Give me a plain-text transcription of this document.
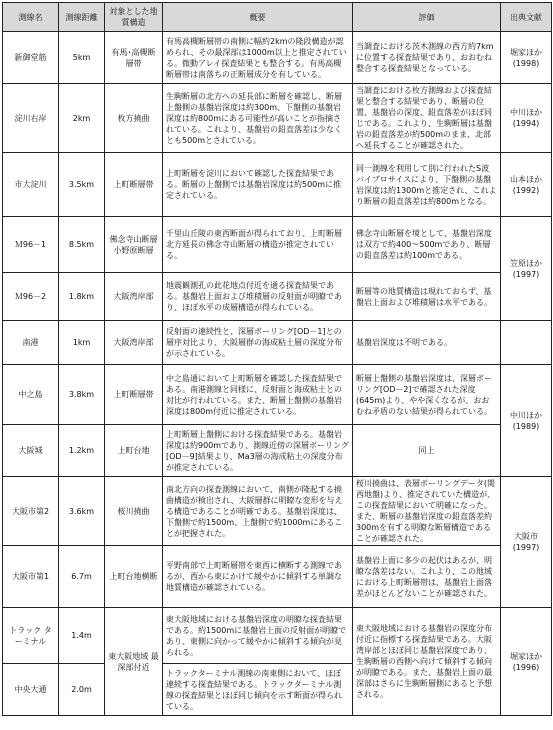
測線名	測線距離	対象とした地質構造	概要	評価	出典文献
新御堂筋	5km	有馬･高槻断層帯	有馬高槻断層帯の南側に幅約2kmの隆段構造が認められ、その最深部は1000m以上と推定されている。微動アレイ探査結果とも整合する。有馬高槻断層帯は南落ちの正断層成分を有している。	当調査における茨木測線の西方約7kmに位置する探査結果であり、おおむね整合する探査結果となっている。	堀家ほか (1998)
淀川右岸	2km	枚方撓曲	生駒断層の北方への延長部に断層を確認し、断層上盤側の基盤岩深度は約300m、下盤側の基盤岩深度は約800mにある可能性が高いことが指摘されている。これより、基盤岩の鉛直落差は少なくとも500mとされている。	当調査における枚方測線および探査結果と整合する結果であり、断層の位置、基盤岩の深度、鉛直落差がほぼ同じである。これより、生駒断層は基盤岩の鉛直落差が約500mのまま、北部へ延長することが確認された。	中川ほか (1994)
市大淀川	3.5km	上町断層帯	上町断層を淀川において確認した探査結果である。断層の上盤側では基盤岩深度は約500mに推定されている。	同一測線を利用して別に行われたS波バイブロサイスにより、下盤側の基盤岩深度は約1300mと推定され、これより断層の鉛直落差は約800mとなる。	山本ほか (1992)
Ｍ96－1	8.5km	佛念寺山断層 小野原断層	千里山丘陵の東西断面が得られており、上町断層北方延長の佛念寺山断層の構造が推定されている。	佛念寺山断層を境として、基盤岩深度は双方で約400～500mであり、断層の鉛直落差は約100mである。	笠原ほか (1997)
Ｍ96－2	1.8km	大阪湾岸部	地震観測孔の此花地点付近を通る探査結果である。基盤岩上面および堆積層の反射面が明瞭であり、ほぼ水平の成層構造が得られている。	断層等の地質構造は現れておらず、基盤岩上面および堆積層は水平である。	
南港	1km	大阪湾岸部	反射面の連続性と、深層ボーリング[OD－1]との層序対比より、大阪層群の海成粘土層の深度分布が示されている。	基盤岩深度は不明である。	
中之島	3.8km	上町断層帯	中之島通において上町断層を確認した探査結果である。南港測線と同様に、反射面と海成粘土との対比が行われている。また、断層上盤側の基盤岩深度は800m付近に推定されている。	断層上盤側の基盤岩深度は、深層ボーリング[OD－2]で確認された深度(645m)より、やや深くなるが、おおむね矛盾のない結果が得られている。	中川ほか (1989)
大阪城	1.2km	上町台地	上町断層上盤側における探査結果である。基盤岩深度は約900mであり、測線近傍の深層ボーリング[OD－9]結果より、Ma3層の海成粘土の深度分布が推定されている。	同上	
大阪市第2	3.6km	桜川撓曲	南北方向の探査測線において、南側が隆起する撓曲構造が検出され、大阪層群に明瞭な変形を与える構造であることが明確である。基盤岩深度は、下盤側で約1500m、上盤側で約1000mにあることが把握された。	桜川撓曲は、表層ボーリングデータ(関西地盤)より、推定されていた構造が、この探査結果において明確になった。また、断層の基盤岩深度の鉛直落差約300mを有する明瞭な断層構造であることが確認された。	大阪市 (1997)
大阪市第1	6.7m	上町台地横断	平野南部で上町断層帯を東西に横断する測線であるが、西から東にかけて緩やかに傾斜する単調な地質構造が確認されている。	基盤岩上面に多少の起伏はあるが、明瞭な落差はない。これより、この地域における上町断層帯は、基盤岩上面落差がほとんどないことが確認された。	
トラック ターミナル	1.4m	東大阪地域 最深部付近	東大阪地域における基盤岩深度の明瞭な探査結果である。約1500mに基盤岩上面の反射面が明瞭であり、東側に向かって緩やかに傾斜する傾向が見られる。	東大阪地域における基盤岩の深度分布付近に指標する探査結果である。大阪湾岸部とほぼ同じ基盤岩深度であり、生駒断層の西側へ向けて傾斜する傾向が明瞭である。また、基盤岩上面の最深部はさらに生駒断層側にあると予想される。	堀家ほか (1996)
中央大通	2.0m		トラックターミナル測線の南東側において、ほぼ連続する探査結果である。トラックターミナル測線の探査結果とほぼ同じ傾向を示す断面が得られている。		
